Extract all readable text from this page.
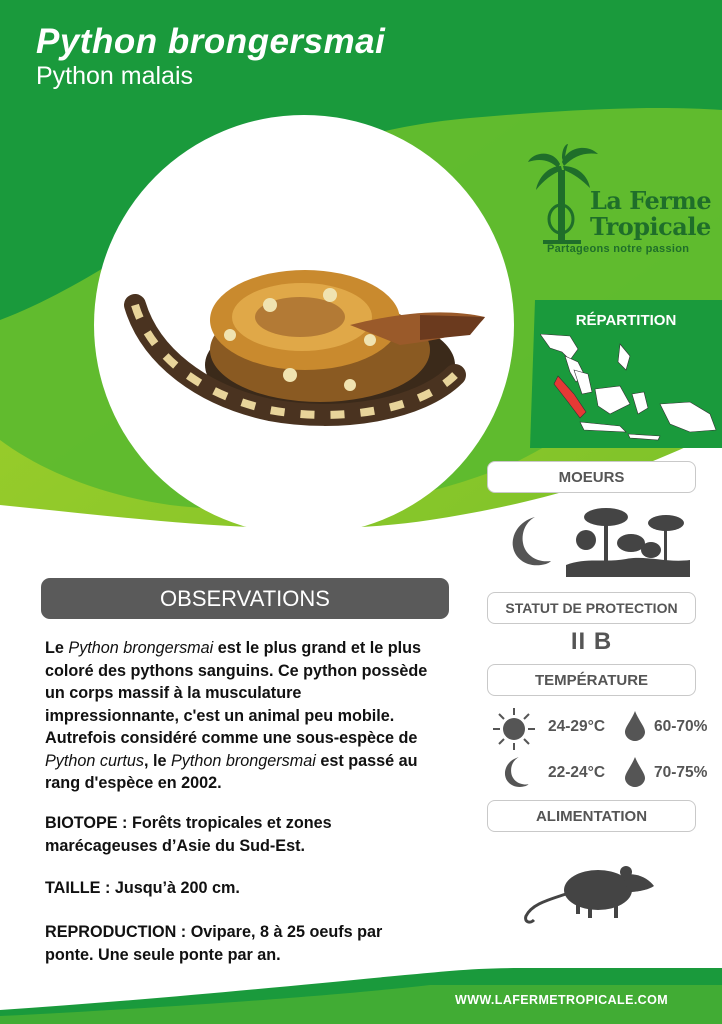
Python brongersmai
Python malais
La Ferme
Tropicale
Partageons notre passion
RÉPARTITION
MOEURS
STATUT DE PROTECTION
II B
TEMPÉRATURE
24-29°C	60-70%
22-24°C	70-75%
ALIMENTATION
OBSERVATIONS
Le Python brongersmai est le plus grand et le plus coloré des pythons sanguins. Ce python possède un corps massif à la musculature impressionnante, c'est un animal peu mobile. Autrefois considéré comme une sous-espèce de Python curtus, le Python brongersmai est passé au rang d'espèce en 2002.
BIOTOPE : Forêts tropicales et zones marécageuses d’Asie du Sud-Est.
TAILLE : Jusqu’à 200 cm.
REPRODUCTION : Ovipare, 8 à 25 oeufs par ponte. Une seule ponte par an.
WWW.LAFERMETROPICALE.COM
